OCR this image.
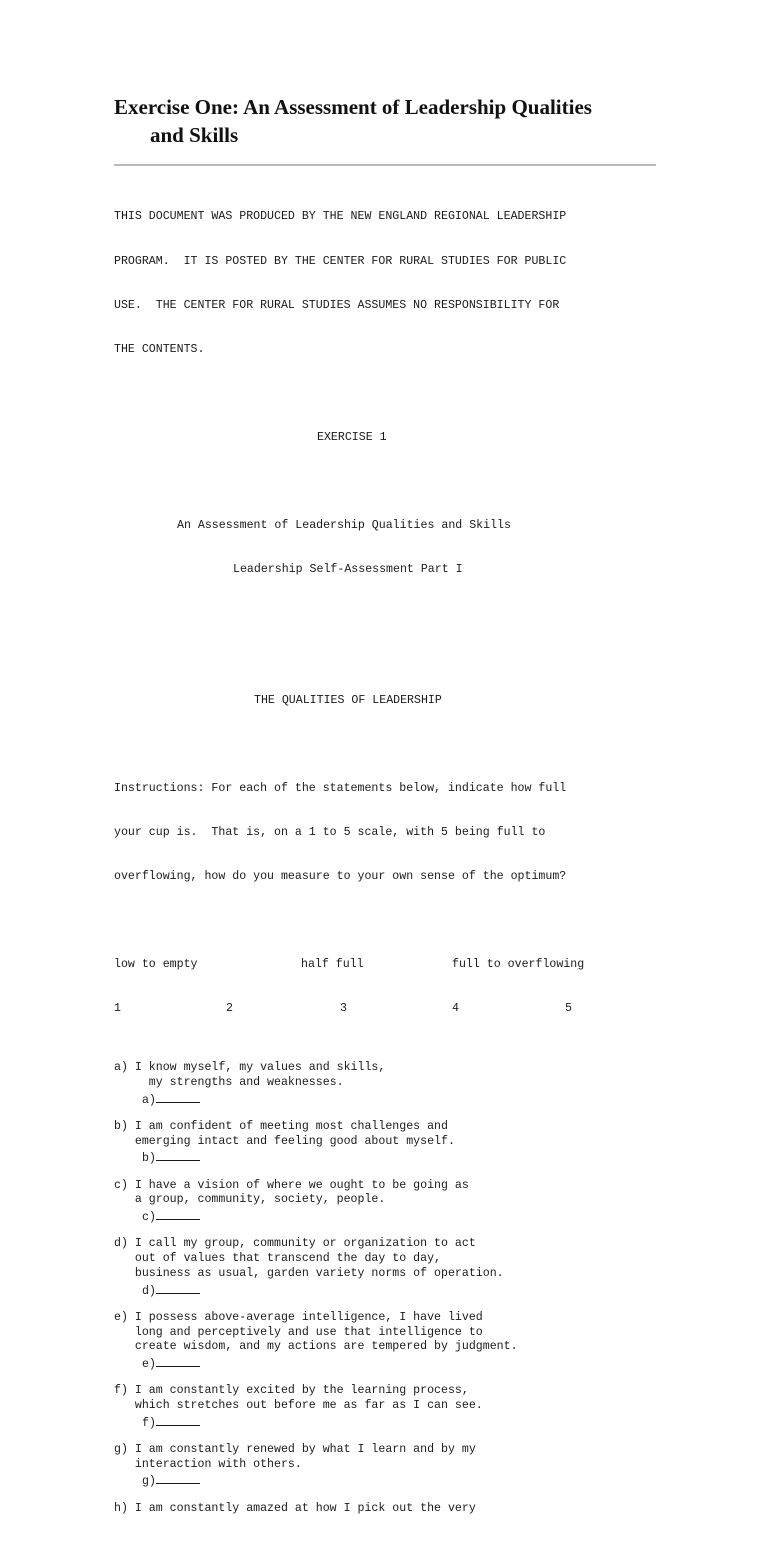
Exercise One: An Assessment of Leadership Qualities
and Skills

THIS DOCUMENT WAS PRODUCED BY THE NEW ENGLAND REGIONAL LEADERSHIP

PROGRAM.  IT IS POSTED BY THE CENTER FOR RURAL STUDIES FOR PUBLIC

USE.  THE CENTER FOR RURAL STUDIES ASSUMES NO RESPONSIBILITY FOR

THE CONTENTS.

EXERCISE 1

An Assessment of Leadership Qualities and Skills

Leadership Self-Assessment Part I

THE QUALITIES OF LEADERSHIP

Instructions: For each of the statements below, indicate how full

your cup is.  That is, on a 1 to 5 scale, with 5 being full to

overflowing, how do you measure to your own sense of the optimum?

low to empty

	half full

	full to overflowing

1

	2

	3

	4

	5

a) I know myself, my values and skills,
my strengths and weaknesses.
a)
b) I am confident of meeting most challenges and
emerging intact and feeling good about myself.
b)
c) I have a vision of where we ought to be going as
a group, community, society, people.
c)
d) I call my group, community or organization to act
out of values that transcend the day to day,
business as usual, garden variety norms of operation.
d)
e) I possess above-average intelligence, I have lived
long and perceptively and use that intelligence to
create wisdom, and my actions are tempered by judgment.
e)
f) I am constantly excited by the learning process,
which stretches out before me as far as I can see.
f)
g) I am constantly renewed by what I learn and by my
interaction with others.
g)
h) I am constantly amazed at how I pick out the very
